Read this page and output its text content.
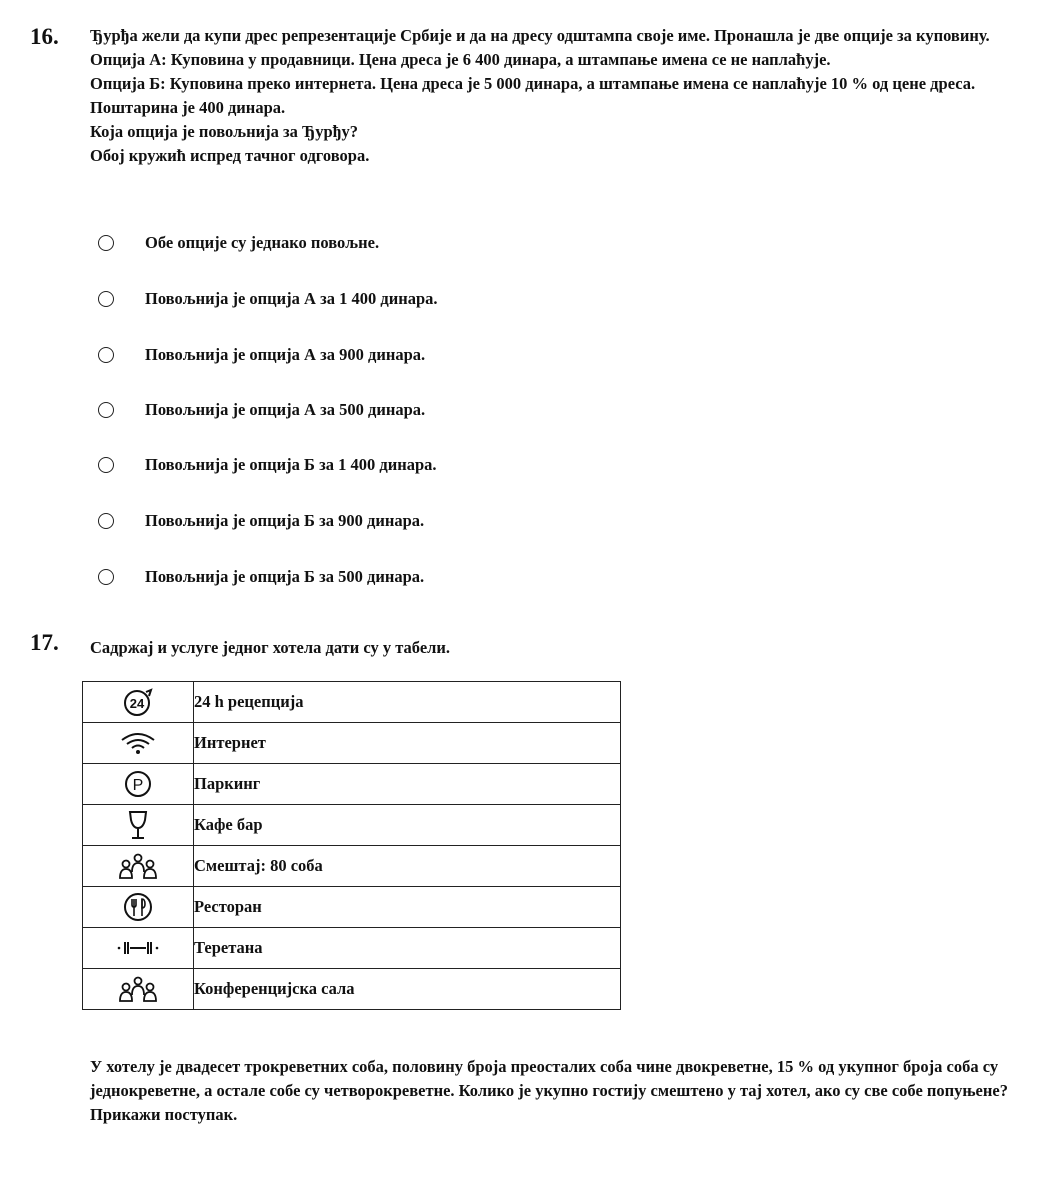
16. Ђурђа жели да купи дрес репрезентације Србије и да на дресу одштампа своје име. Пронашла је две опције за куповину.

Опција А: Куповина у продавници. Цена дреса је 6 400 динара, а штампање имена се не наплаћује.

Опција Б: Куповина преко интернета. Цена дреса је 5 000 динара, а штампање имена се наплаћује 10 % од цене дреса. Поштарина је 400 динара.

Која опција је повољнија за Ђурђу?

Обој кружић испред тачног одговора.

Обе опције су једнако повољне.
Повољнија је опција А за 1 400 динара.
Повољнија је опција А за 900 динара.
Повољнија је опција А за 500 динара.
Повољнија је опција Б за 1 400 динара.
Повољнија је опција Б за 900 динара.
Повољнија је опција Б за 500 динара.
17. Садржај и услуге једног хотела дати су у табели.

24	24 h рецепција

	Интернет

P	Паркинг

	Кафе бар

	Смештај: 80 соба

	Ресторан

	Теретана

	Конференцијска сала

У хотелу је двадесет трокреветних соба, половину броја преосталих соба чине двокреветне, 15 % од укупног броја соба су једнокреветне, а остале собе су четворокреветне. Колико је укупно гостију смештено у тај хотел, ако су све собе попуњене?

Прикажи поступак.
